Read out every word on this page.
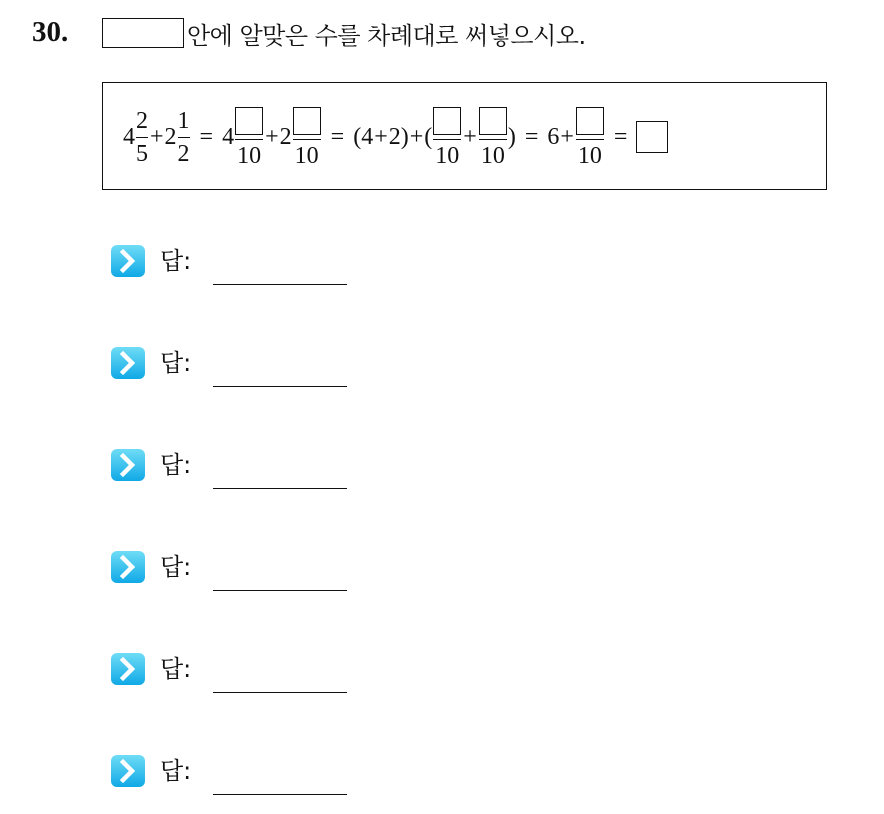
30.	안에 알맞은 수를 차례대로 써넣으시오.
$4 \frac{2}{5} + 2 \frac{1}{2} = 4$
10
+ 2
10
= ( 4 + 2 ) + (
10
+
10
) = 6 +
10
=
답:
답:
답:
답:
답:
답:
